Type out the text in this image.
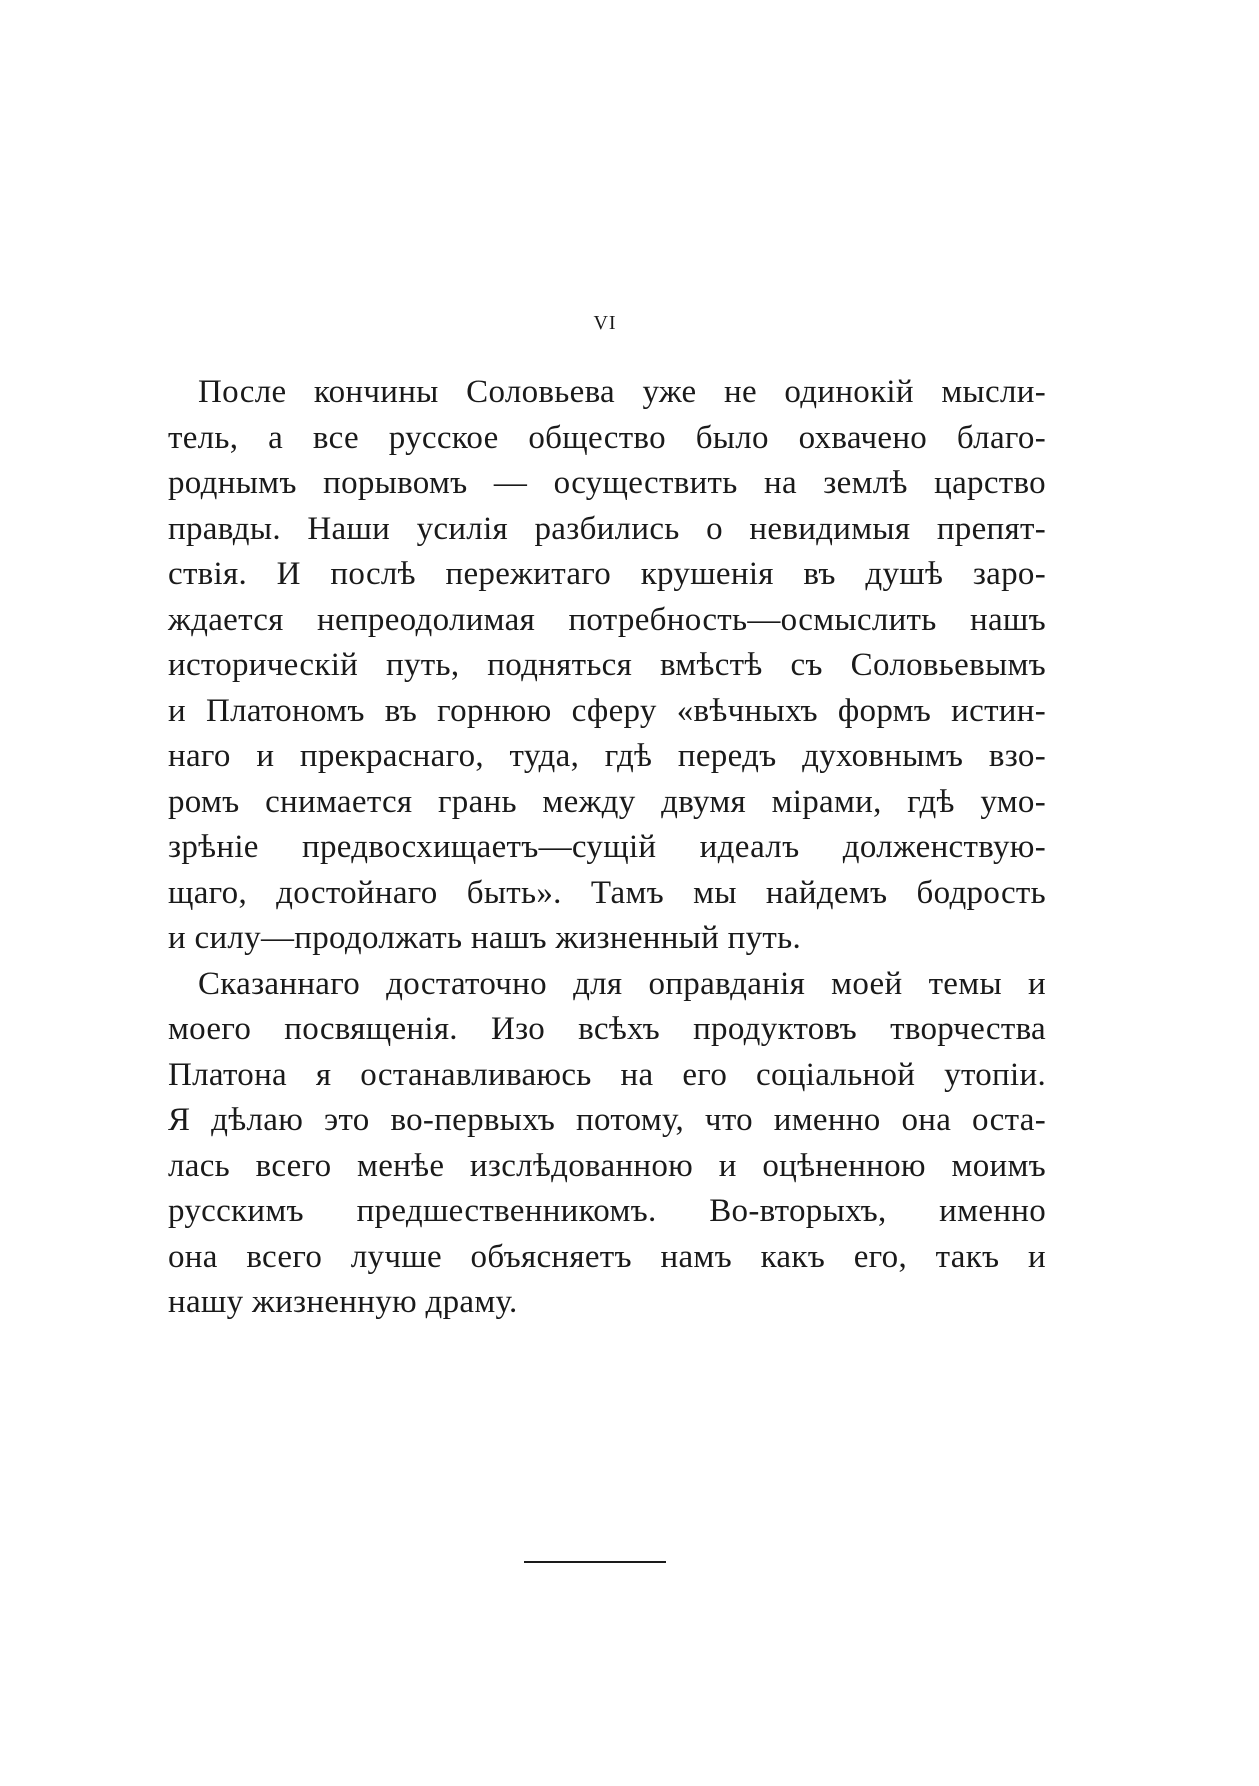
VI
После кончины Соловьева уже не одинокій мысли-
тель, а все русское общество было охвачено благо-
роднымъ порывомъ — осуществить на землѣ царство
правды. Наши усилія разбились о невидимыя препят-
ствія. И послѣ пережитаго крушенія въ душѣ заро-
ждается непреодолимая потребность—осмыслить нашъ
историческій путь, подняться вмѣстѣ съ Соловьевымъ
и Платономъ въ горнюю сферу «вѣчныхъ формъ истин-
наго и прекраснаго, туда, гдѣ передъ духовнымъ взо-
ромъ снимается грань между двумя мірами, гдѣ умо-
зрѣніе предвосхищаетъ—сущій идеалъ долженствую-
щаго, достойнаго быть». Тамъ мы найдемъ бодрость
и силу—продолжать нашъ жизненный путь.
Сказаннаго достаточно для оправданія моей темы и
моего посвященія. Изо всѣхъ продуктовъ творчества
Платона я останавливаюсь на его соціальной утопіи.
Я дѣлаю это во-первыхъ потому, что именно она оста-
лась всего менѣе изслѣдованною и оцѣненною моимъ
русскимъ предшественникомъ. Во-вторыхъ, именно
она всего лучше объясняетъ намъ какъ его, такъ и
нашу жизненную драму.
